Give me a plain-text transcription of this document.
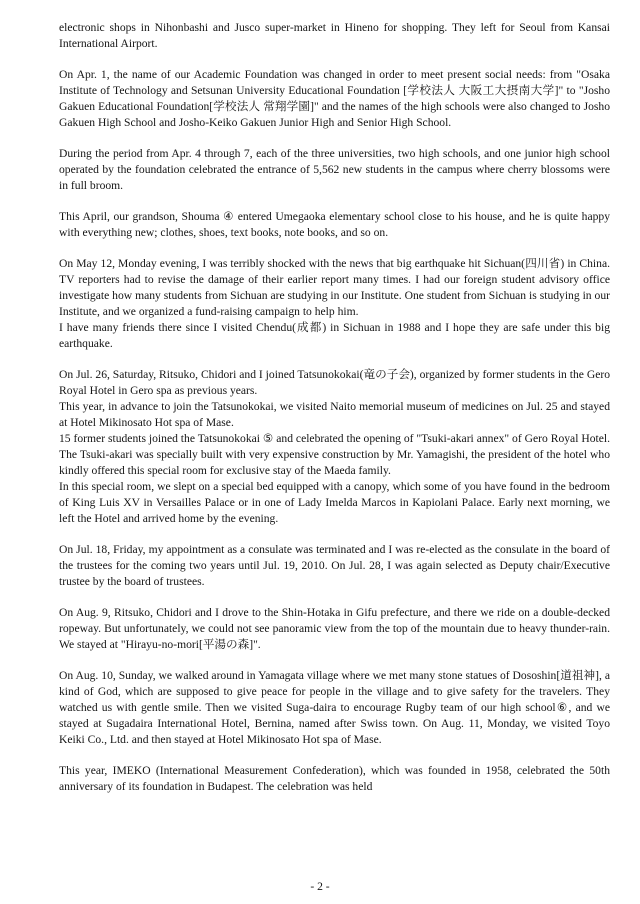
electronic shops in Nihonbashi and Jusco super-market in Hineno for shopping. They left for Seoul from Kansai International Airport.

On Apr. 1, the name of our Academic Foundation was changed in order to meet present social needs: from "Osaka Institute of Technology and Setsunan University Educational Foundation [学校法人 大阪工大摂南大学]" to "Josho Gakuen Educational Foundation[学校法人 常翔学園]" and the names of the high schools were also changed to Josho Gakuen High School and Josho-Keiko Gakuen Junior High and Senior High School.

During the period from Apr. 4 through 7, each of the three universities, two high schools, and one junior high school operated by the foundation celebrated the entrance of 5,562 new students in the campus where cherry blossoms were in full broom.

This April, our grandson, Shouma ④ entered Umegaoka elementary school close to his house, and he is quite happy with everything new; clothes, shoes, text books, note books, and so on.

On May 12, Monday evening, I was terribly shocked with the news that big earthquake hit Sichuan(四川省) in China. TV reporters had to revise the damage of their earlier report many times. I had our foreign student advisory office investigate how many students from Sichuan are studying in our Institute. One student from Sichuan is studying in our Institute, and we organized a fund-raising campaign to help him.

I have many friends there since I visited Chendu(成都) in Sichuan in 1988 and I hope they are safe under this big earthquake.

On Jul. 26, Saturday, Ritsuko, Chidori and I joined Tatsunokokai(竜の子会), organized by former students in the Gero Royal Hotel in Gero spa as previous years.

This year, in advance to join the Tatsunokokai, we visited Naito memorial museum of medicines on Jul. 25 and stayed at Hotel Mikinosato Hot spa of Mase.

15 former students joined the Tatsunokokai ⑤ and celebrated the opening of "Tsuki-akari annex" of Gero Royal Hotel. The Tsuki-akari was specially built with very expensive construction by Mr. Yamagishi, the president of the hotel who kindly offered this special room for exclusive stay of the Maeda family.

In this special room, we slept on a special bed equipped with a canopy, which some of you have found in the bedroom of King Luis XV in Versailles Palace or in one of Lady Imelda Marcos in Kapiolani Palace. Early next morning, we left the Hotel and arrived home by the evening.

On Jul. 18, Friday, my appointment as a consulate was terminated and I was re-elected as the consulate in the board of the trustees for the coming two years until Jul. 19, 2010. On Jul. 28, I was again selected as Deputy chair/Executive trustee by the board of trustees.

On Aug. 9, Ritsuko, Chidori and I drove to the Shin-Hotaka in Gifu prefecture, and there we ride on a double-decked ropeway. But unfortunately, we could not see panoramic view from the top of the mountain due to heavy thunder-rain. We stayed at "Hirayu-no-mori[平湯の森]".

On Aug. 10, Sunday, we walked around in Yamagata village where we met many stone statues of Dososhin[道祖神], a kind of God, which are supposed to give peace for people in the village and to give safety for the travelers. They watched us with gentle smile. Then we visited Suga-daira to encourage Rugby team of our high school⑥, and we stayed at Sugadaira International Hotel, Bernina, named after Swiss town. On Aug. 11, Monday, we visited Toyo Keiki Co., Ltd. and then stayed at Hotel Mikinosato Hot spa of Mase.

This year, IMEKO (International Measurement Confederation), which was founded in 1958, celebrated the 50th anniversary of its foundation in Budapest. The celebration was held

- 2 -
